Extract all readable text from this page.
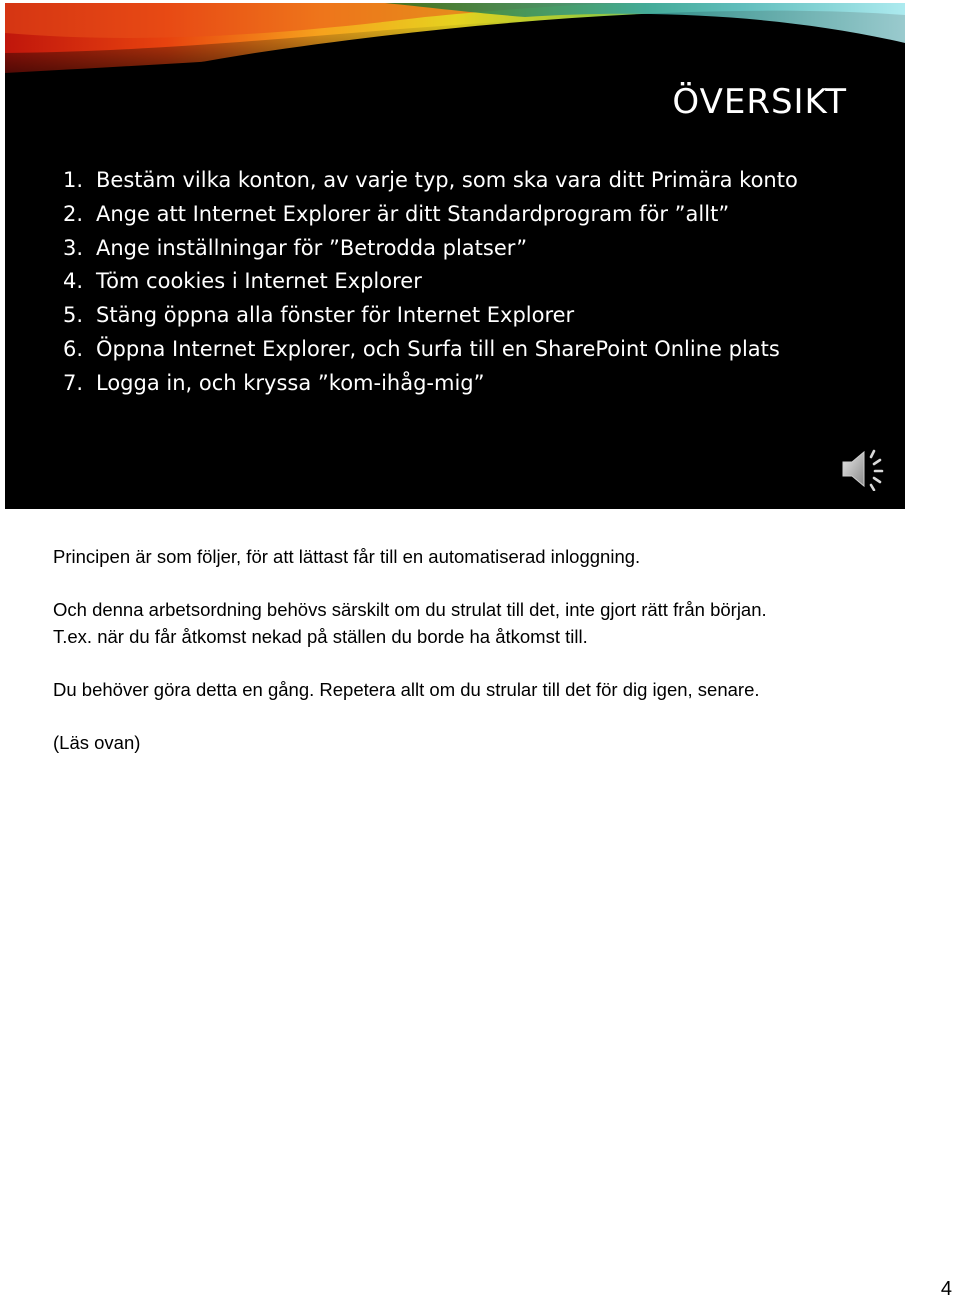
ÖVERSIKT
1. Bestäm vilka konton, av varje typ, som ska vara ditt Primära konto
2. Ange att Internet Explorer är ditt Standardprogram för ”allt”
3. Ange inställningar för ”Betrodda platser”
4. Töm cookies i Internet Explorer
5. Stäng öppna alla fönster för Internet Explorer
6. Öppna Internet Explorer, och Surfa till en SharePoint Online plats
7. Logga in, och kryssa ”kom-ihåg-mig”

Principen är som följer, för att lättast får till en automatiserad inloggning.

Och denna arbetsordning behövs särskilt om du strulat till det, inte gjort rätt från början.
T.ex. när du får åtkomst nekad på ställen du borde ha åtkomst till.

Du behöver göra detta en gång. Repetera allt om du strular till det för dig igen, senare.

(Läs ovan)

4
